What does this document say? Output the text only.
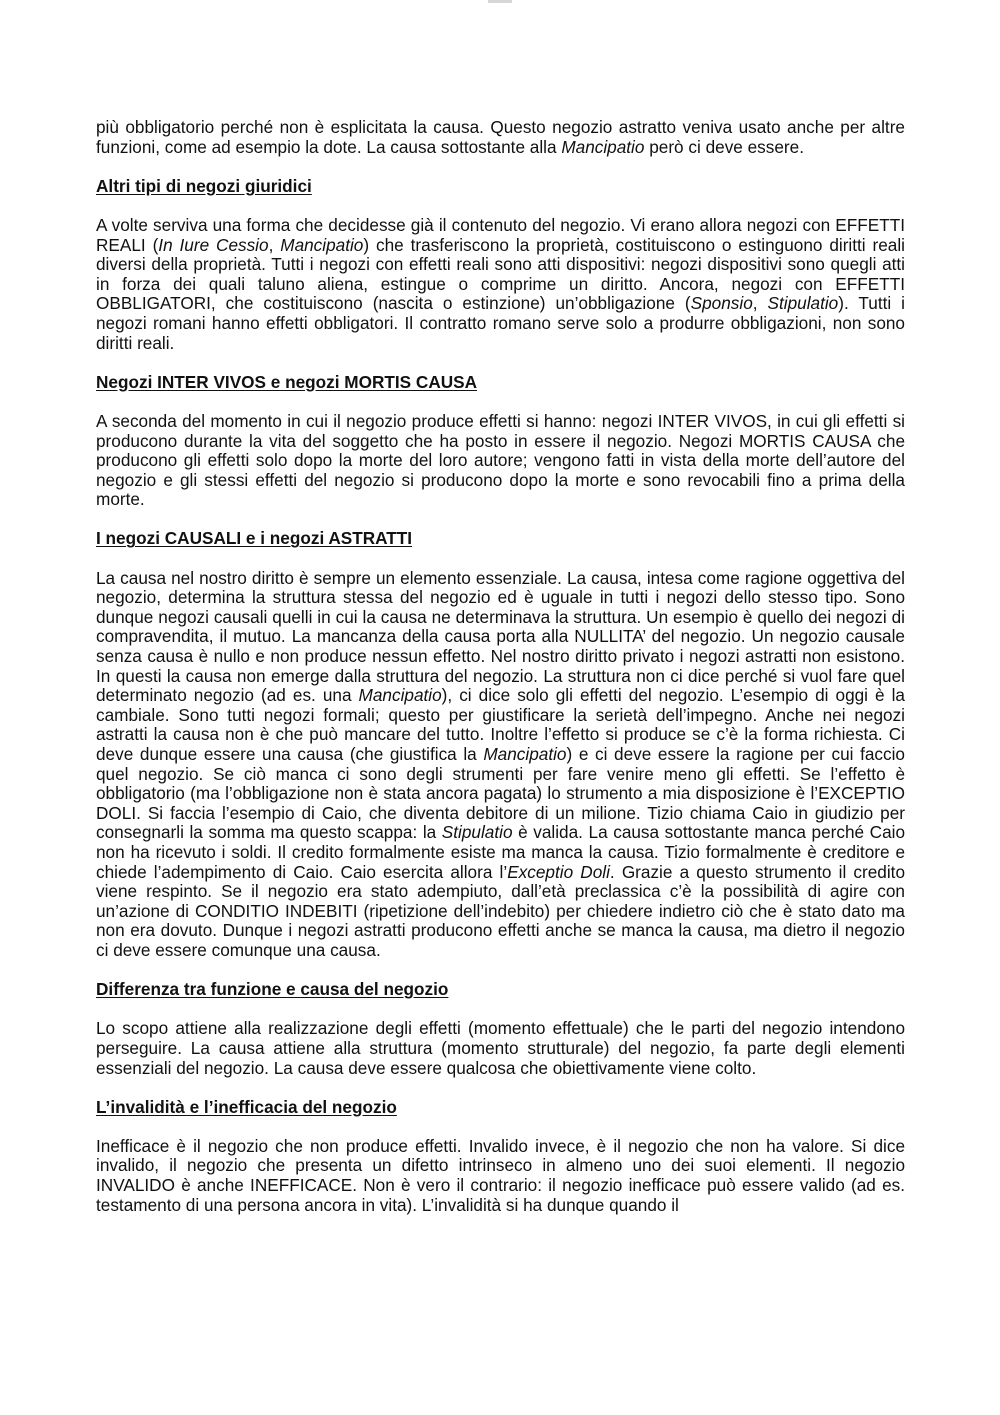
più obbligatorio perché non è esplicitata la causa. Questo negozio astratto veniva usato anche per altre funzioni, come ad esempio la dote. La causa sottostante alla Mancipatio però ci deve essere.

Altri tipi di negozi giuridici

A volte serviva una forma che decidesse già il contenuto del negozio. Vi erano allora negozi con EFFETTI REALI (In Iure Cessio, Mancipatio) che trasferiscono la proprietà, costituiscono o estinguono diritti reali diversi della proprietà. Tutti i negozi con effetti reali sono atti dispositivi: negozi dispositivi sono quegli atti in forza dei quali taluno aliena, estingue o comprime un diritto. Ancora, negozi con EFFETTI OBBLIGATORI, che costituiscono (nascita o estinzione) un’obbligazione (Sponsio, Stipulatio). Tutti i negozi romani hanno effetti obbligatori. Il contratto romano serve solo a produrre obbligazioni, non sono diritti reali.

Negozi INTER VIVOS e negozi MORTIS CAUSA

A seconda del momento in cui il negozio produce effetti si hanno: negozi INTER VIVOS, in cui gli effetti si producono durante la vita del soggetto che ha posto in essere il negozio. Negozi MORTIS CAUSA che producono gli effetti solo dopo la morte del loro autore; vengono fatti in vista della morte dell’autore del negozio e gli stessi effetti del negozio si producono dopo la morte e sono revocabili fino a prima della morte.

I negozi CAUSALI e i negozi ASTRATTI

La causa nel nostro diritto è sempre un elemento essenziale. La causa, intesa come ragione oggettiva del negozio, determina la struttura stessa del negozio ed è uguale in tutti i negozi dello stesso tipo. Sono dunque negozi causali quelli in cui la causa ne determinava la struttura. Un esempio è quello dei negozi di compravendita, il mutuo. La mancanza della causa porta alla NULLITA’ del negozio. Un negozio causale senza causa è nullo e non produce nessun effetto. Nel nostro diritto privato i negozi astratti non esistono. In questi la causa non emerge dalla struttura del negozio. La struttura non ci dice perché si vuol fare quel determinato negozio (ad es. una Mancipatio), ci dice solo gli effetti del negozio. L’esempio di oggi è la cambiale. Sono tutti negozi formali; questo per giustificare la serietà dell’impegno. Anche nei negozi astratti la causa non è che può mancare del tutto. Inoltre l’effetto si produce se c’è la forma richiesta. Ci deve dunque essere una causa (che giustifica la Mancipatio) e ci deve essere la ragione per cui faccio quel negozio. Se ciò manca ci sono degli strumenti per fare venire meno gli effetti. Se l’effetto è obbligatorio (ma l’obbligazione non è stata ancora pagata) lo strumento a mia disposizione è l’EXCEPTIO DOLI. Si faccia l’esempio di Caio, che diventa debitore di un milione. Tizio chiama Caio in giudizio per consegnarli la somma ma questo scappa: la Stipulatio è valida. La causa sottostante manca perché Caio non ha ricevuto i soldi. Il credito formalmente esiste ma manca la causa. Tizio formalmente è creditore e chiede l’adempimento di Caio. Caio esercita allora l’Exceptio Doli. Grazie a questo strumento il credito viene respinto. Se il negozio era stato adempiuto, dall’età preclassica c’è la possibilità di agire con un’azione di CONDITIO INDEBITI (ripetizione dell’indebito) per chiedere indietro ciò che è stato dato ma non era dovuto. Dunque i negozi astratti producono effetti anche se manca la causa, ma dietro il negozio ci deve essere comunque una causa.

Differenza tra funzione e causa del negozio

Lo scopo attiene alla realizzazione degli effetti (momento effettuale) che le parti del negozio intendono perseguire. La causa attiene alla struttura (momento strutturale) del negozio, fa parte degli elementi essenziali del negozio. La causa deve essere qualcosa che obiettivamente viene colto.

L’invalidità e l’inefficacia del negozio

Inefficace è il negozio che non produce effetti. Invalido invece, è il negozio che non ha valore. Si dice invalido, il negozio che presenta un difetto intrinseco in almeno uno dei suoi elementi. Il negozio INVALIDO è anche INEFFICACE. Non è vero il contrario: il negozio inefficace può essere valido (ad es. testamento di una persona ancora in vita). L’invalidità si ha dunque quando il
